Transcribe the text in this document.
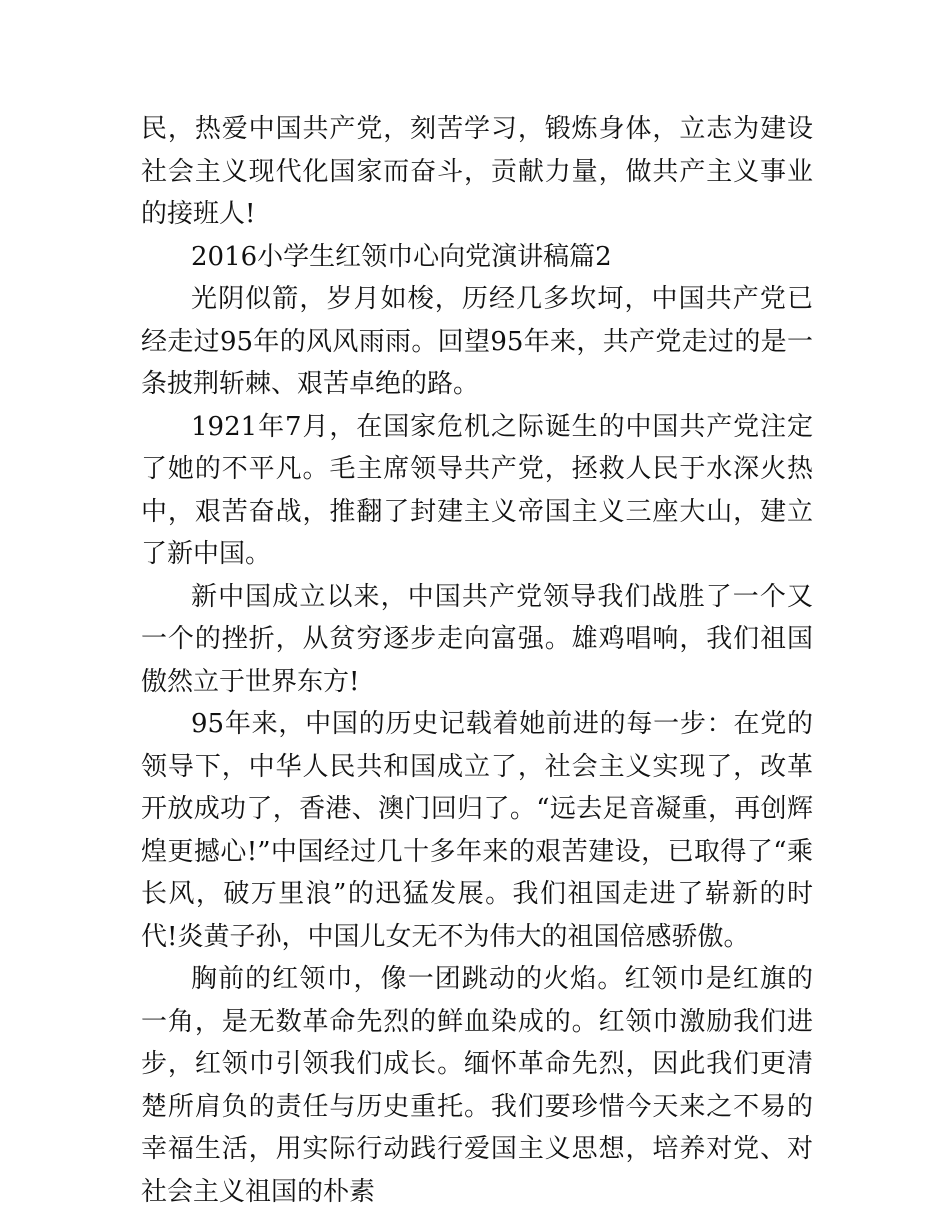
民，热爱中国共产党，刻苦学习，锻炼身体，立志为建设社会主义现代化国家而奋斗，贡献力量，做共产主义事业的接班人!

2016小学生红领巾心向党演讲稿篇2

光阴似箭，岁月如梭，历经几多坎坷，中国共产党已经走过95年的风风雨雨。回望95年来，共产党走过的是一条披荆斩棘、艰苦卓绝的路。

1921年7月，在国家危机之际诞生的中国共产党注定了她的不平凡。毛主席领导共产党，拯救人民于水深火热中，艰苦奋战，推翻了封建主义帝国主义三座大山，建立了新中国。

新中国成立以来，中国共产党领导我们战胜了一个又一个的挫折，从贫穷逐步走向富强。雄鸡唱响，我们祖国傲然立于世界东方!

95年来，中国的历史记载着她前进的每一步：在党的领导下，中华人民共和国成立了，社会主义实现了，改革开放成功了，香港、澳门回归了。“远去足音凝重，再创辉煌更撼心!”中国经过几十多年来的艰苦建设，已取得了“乘长风，破万里浪”的迅猛发展。我们祖国走进了崭新的时代!炎黄子孙，中国儿女无不为伟大的祖国倍感骄傲。

胸前的红领巾，像一团跳动的火焰。红领巾是红旗的一角，是无数革命先烈的鲜血染成的。红领巾激励我们进步，红领巾引领我们成长。缅怀革命先烈，因此我们更清楚所肩负的责任与历史重托。我们要珍惜今天来之不易的幸福生活，用实际行动践行爱国主义思想，培养对党、对社会主义祖国的朴素
